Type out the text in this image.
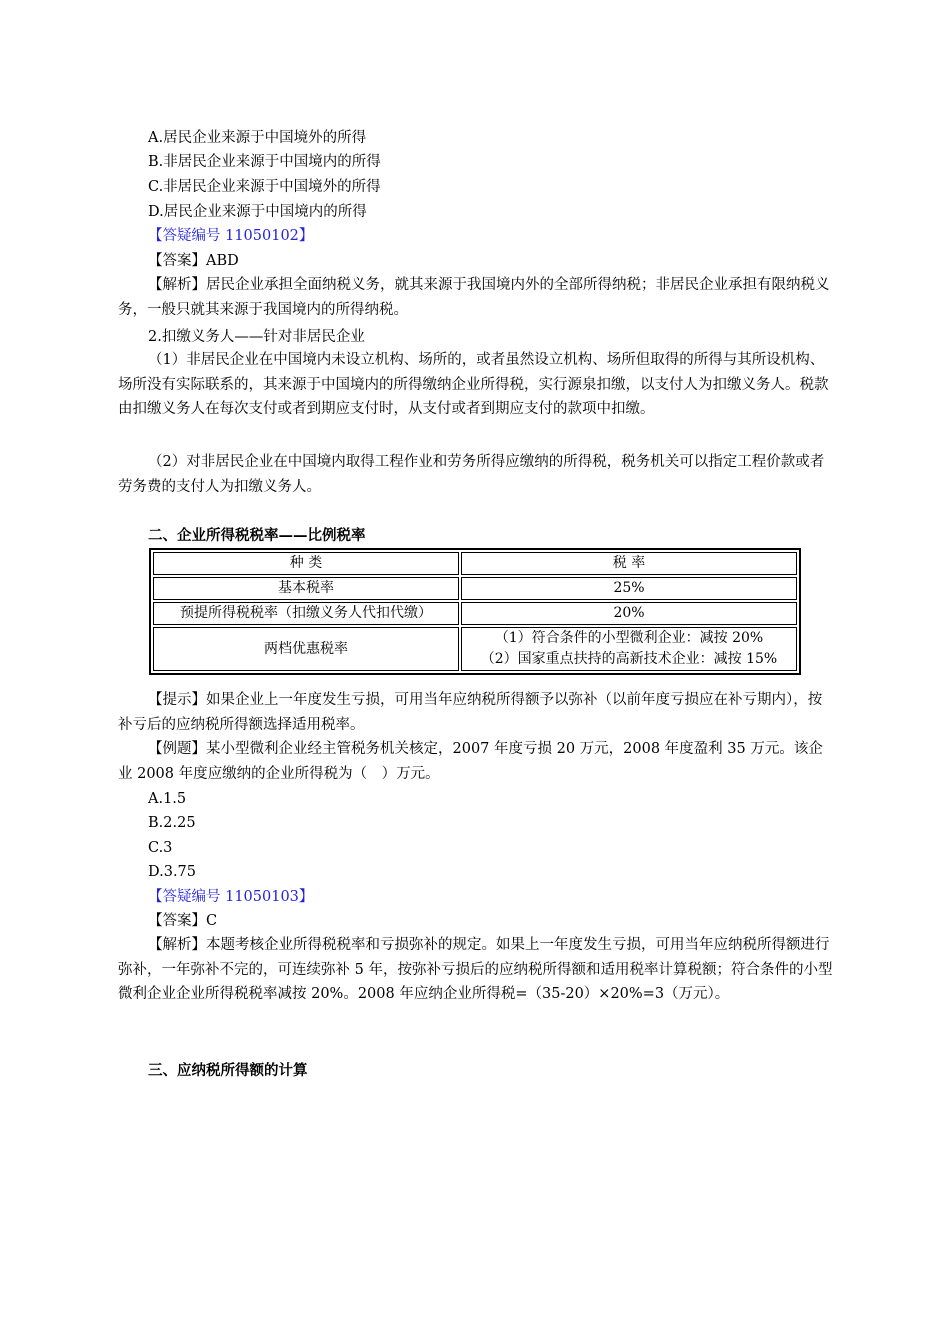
A.居民企业来源于中国境外的所得
B.非居民企业来源于中国境内的所得
C.非居民企业来源于中国境外的所得
D.居民企业来源于中国境内的所得
【答疑编号 11050102】
【答案】ABD
【解析】居民企业承担全面纳税义务，就其来源于我国境内外的全部所得纳税；非居民企业承担有限纳税义务，一般只就其来源于我国境内的所得纳税。
2.扣缴义务人——针对非居民企业
（1）非居民企业在中国境内未设立机构、场所的，或者虽然设立机构、场所但取得的所得与其所设机构、场所没有实际联系的，其来源于中国境内的所得缴纳企业所得税，实行源泉扣缴，以支付人为扣缴义务人。税款由扣缴义务人在每次支付或者到期应支付时，从支付或者到期应支付的款项中扣缴。
（2）对非居民企业在中国境内取得工程作业和劳务所得应缴纳的所得税，税务机关可以指定工程价款或者劳务费的支付人为扣缴义务人。
二、企业所得税税率——比例税率
种 类	税 率
基本税率	25%
预提所得税税率（扣缴义务人代扣代缴）	20%
两档优惠税率	（1）符合条件的小型微利企业：减按 20%
（2）国家重点扶持的高新技术企业：减按 15%
【提示】如果企业上一年度发生亏损，可用当年应纳税所得额予以弥补（以前年度亏损应在补亏期内），按补亏后的应纳税所得额选择适用税率。
【例题】某小型微利企业经主管税务机关核定，2007 年度亏损 20 万元，2008 年度盈利 35 万元。该企业 2008 年度应缴纳的企业所得税为（　）万元。
A.1.5
B.2.25
C.3
D.3.75
【答疑编号 11050103】
【答案】C
【解析】本题考核企业所得税税率和亏损弥补的规定。如果上一年度发生亏损，可用当年应纳税所得额进行弥补，一年弥补不完的，可连续弥补 5 年，按弥补亏损后的应纳税所得额和适用税率计算税额；符合条件的小型微利企业企业所得税税率减按 20%。2008 年应纳企业所得税=（35-20）×20%=3（万元）。
三、应纳税所得额的计算
